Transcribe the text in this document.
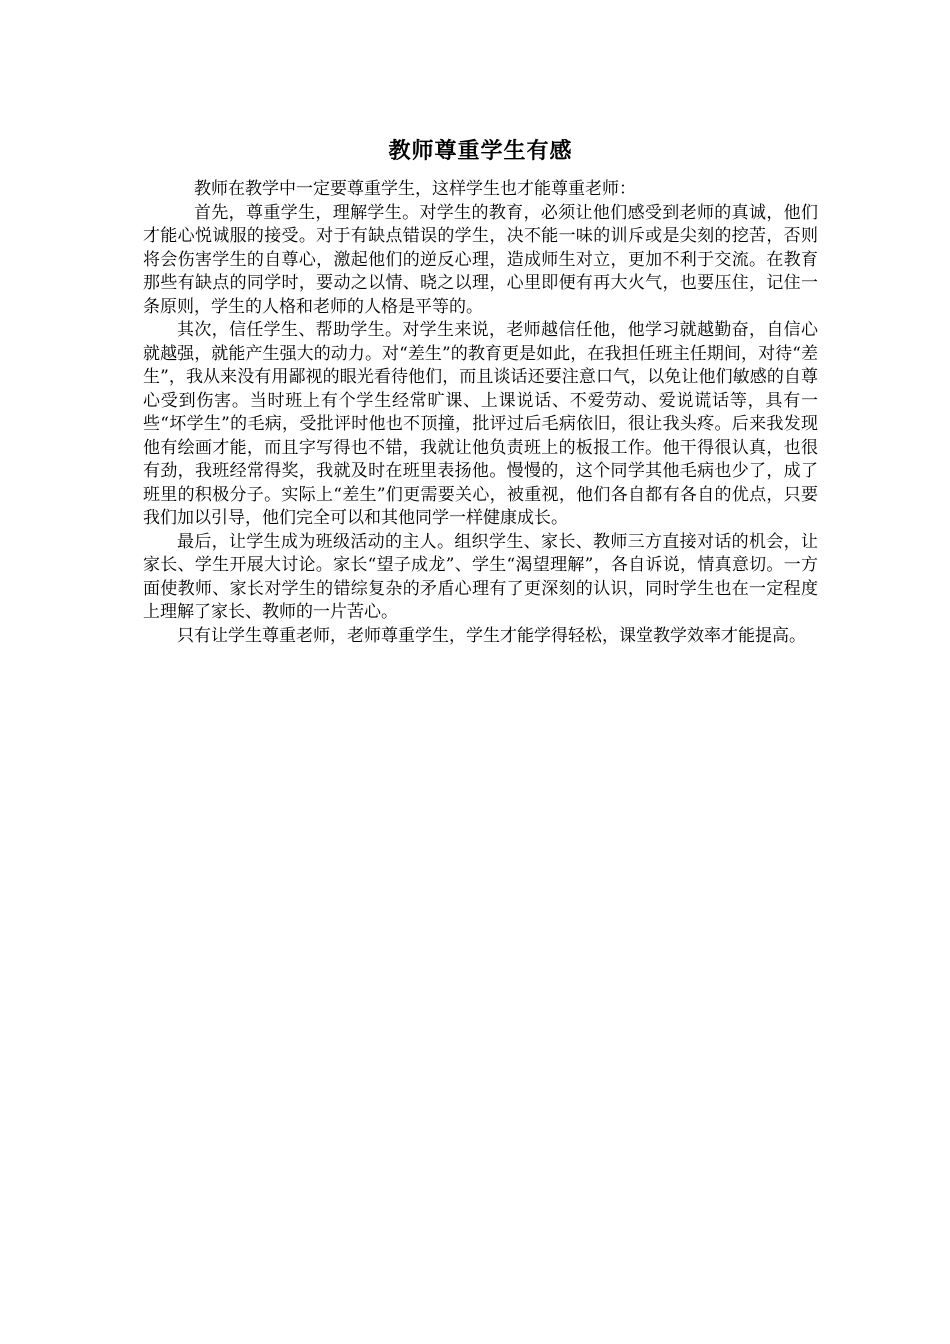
教师尊重学生有感

教师在教学中一定要尊重学生，这样学生也才能尊重老师：

首先，尊重学生，理解学生。对学生的教育，必须让他们感受到老师的真诚，他们才能心悦诚服的接受。对于有缺点错误的学生，决不能一味的训斥或是尖刻的挖苦，否则将会伤害学生的自尊心，激起他们的逆反心理，造成师生对立，更加不利于交流。在教育那些有缺点的同学时，要动之以情、晓之以理，心里即便有再大火气，也要压住，记住一条原则，学生的人格和老师的人格是平等的。

其次，信任学生、帮助学生。对学生来说，老师越信任他，他学习就越勤奋，自信心就越强，就能产生强大的动力。对“差生”的教育更是如此，在我担任班主任期间，对待“差生”，我从来没有用鄙视的眼光看待他们，而且谈话还要注意口气，以免让他们敏感的自尊心受到伤害。当时班上有个学生经常旷课、上课说话、不爱劳动、爱说谎话等，具有一些“坏学生”的毛病，受批评时他也不顶撞，批评过后毛病依旧，很让我头疼。后来我发现他有绘画才能，而且字写得也不错，我就让他负责班上的板报工作。他干得很认真，也很有劲，我班经常得奖，我就及时在班里表扬他。慢慢的，这个同学其他毛病也少了，成了班里的积极分子。实际上“差生”们更需要关心，被重视，他们各自都有各自的优点，只要我们加以引导，他们完全可以和其他同学一样健康成长。

最后，让学生成为班级活动的主人。组织学生、家长、教师三方直接对话的机会，让家长、学生开展大讨论。家长“望子成龙”、学生“渴望理解”，各自诉说，情真意切。一方面使教师、家长对学生的错综复杂的矛盾心理有了更深刻的认识，同时学生也在一定程度上理解了家长、教师的一片苦心。

只有让学生尊重老师，老师尊重学生，学生才能学得轻松，课堂教学效率才能提高。
